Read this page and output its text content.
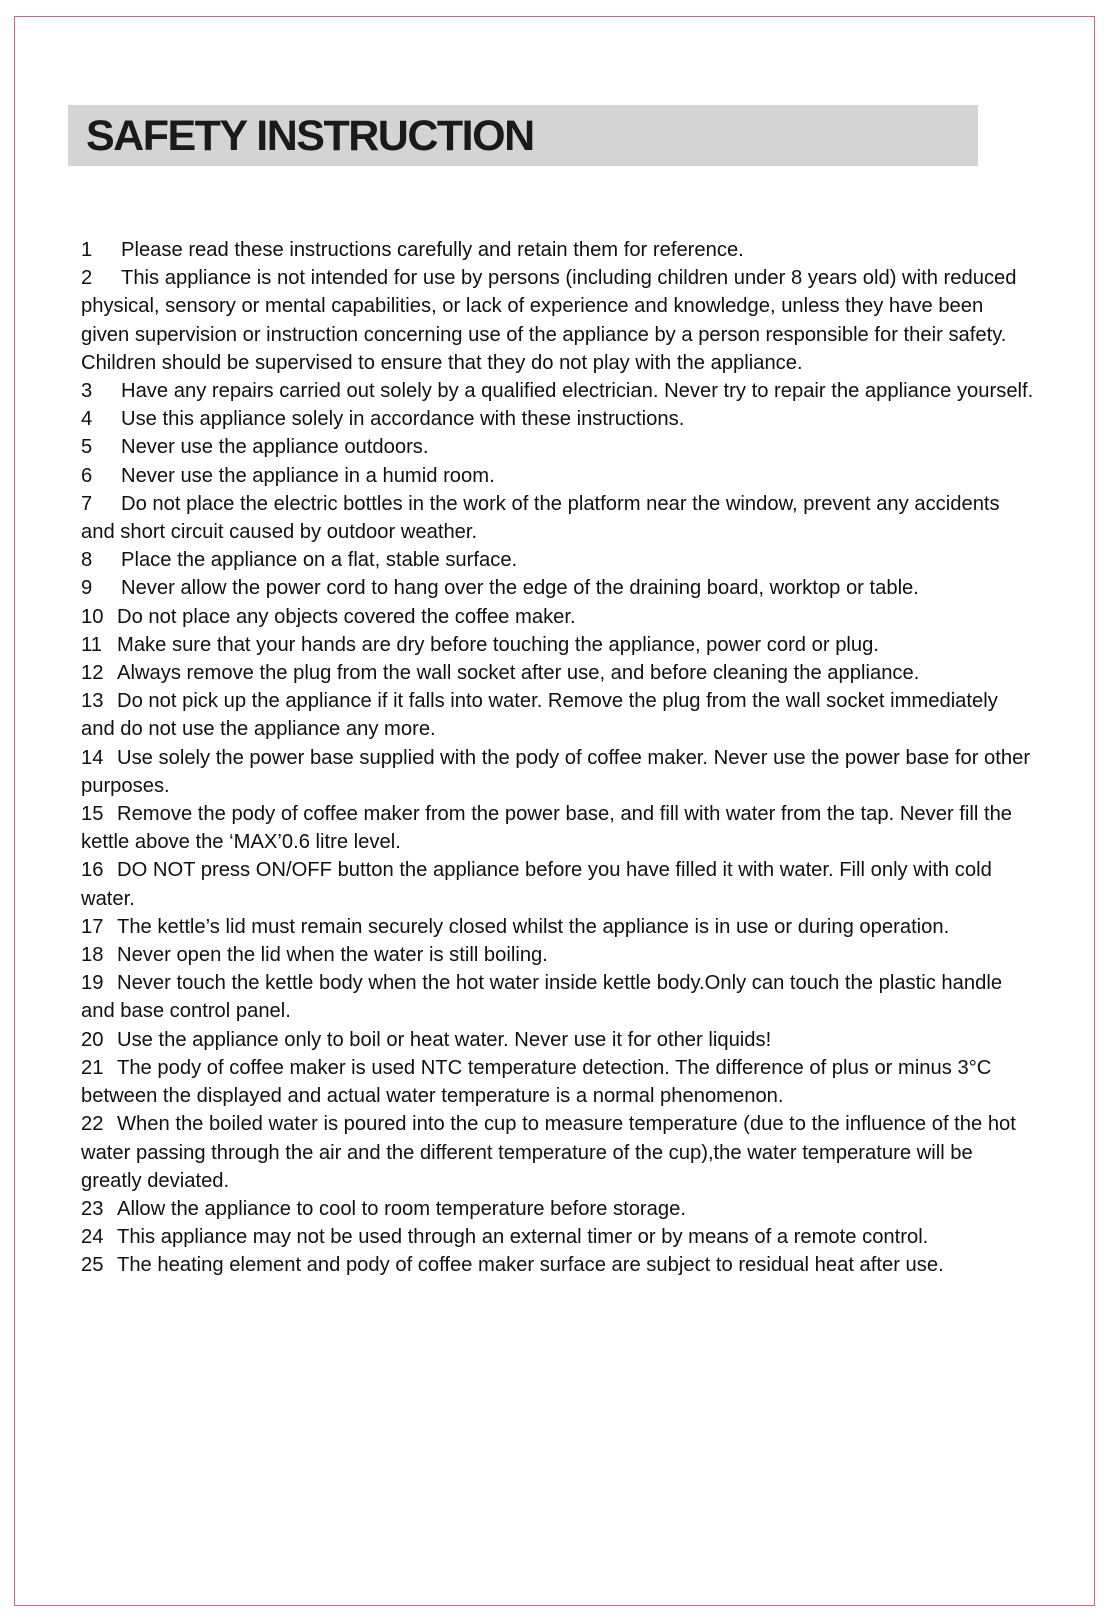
SAFETY INSTRUCTION
1 Please read these instructions carefully and retain them for reference.
2 This appliance is not intended for use by persons (including children under 8 years old) with reduced physical, sensory or mental capabilities, or lack of experience and knowledge, unless they have been given supervision or instruction concerning use of the appliance by a person responsible for their safety. Children should be supervised to ensure that they do not play with the appliance.
3 Have any repairs carried out solely by a qualified electrician. Never try to repair the appliance yourself.
4 Use this appliance solely in accordance with these instructions.
5 Never use the appliance outdoors.
6 Never use the appliance in a humid room.
7 Do not place the electric bottles in the work of the platform near the window, prevent any accidents and short circuit caused by outdoor weather.
8 Place the appliance on a flat, stable surface.
9 Never allow the power cord to hang over the edge of the draining board, worktop or table.
10 Do not place any objects covered the coffee maker.
11 Make sure that your hands are dry before touching the appliance, power cord or plug.
12 Always remove the plug from the wall socket after use, and before cleaning the appliance.
13 Do not pick up the appliance if it falls into water. Remove the plug from the wall socket immediately and do not use the appliance any more.
14 Use solely the power base supplied with the pody of coffee maker. Never use the power base for other purposes.
15 Remove the pody of coffee maker from the power base, and fill with water from the tap. Never fill the kettle above the ‘MAX’0.6 litre level.
16 DO NOT press ON/OFF button the appliance before you have filled it with water. Fill only with cold water.
17 The kettle’s lid must remain securely closed whilst the appliance is in use or during operation.
18 Never open the lid when the water is still boiling.
19 Never touch the kettle body when the hot water inside kettle body.Only can touch the plastic handle and base control panel.
20 Use the appliance only to boil or heat water. Never use it for other liquids!
21 The pody of coffee maker is used NTC temperature detection. The difference of plus or minus 3°C between the displayed and actual water temperature is a normal phenomenon.
22 When the boiled water is poured into the cup to measure temperature (due to the influence of the hot water passing through the air and the different temperature of the cup),the water temperature will be greatly deviated.
23 Allow the appliance to cool to room temperature before storage.
24 This appliance may not be used through an external timer or by means of a remote control.
25 The heating element and pody of coffee maker surface are subject to residual heat after use.
